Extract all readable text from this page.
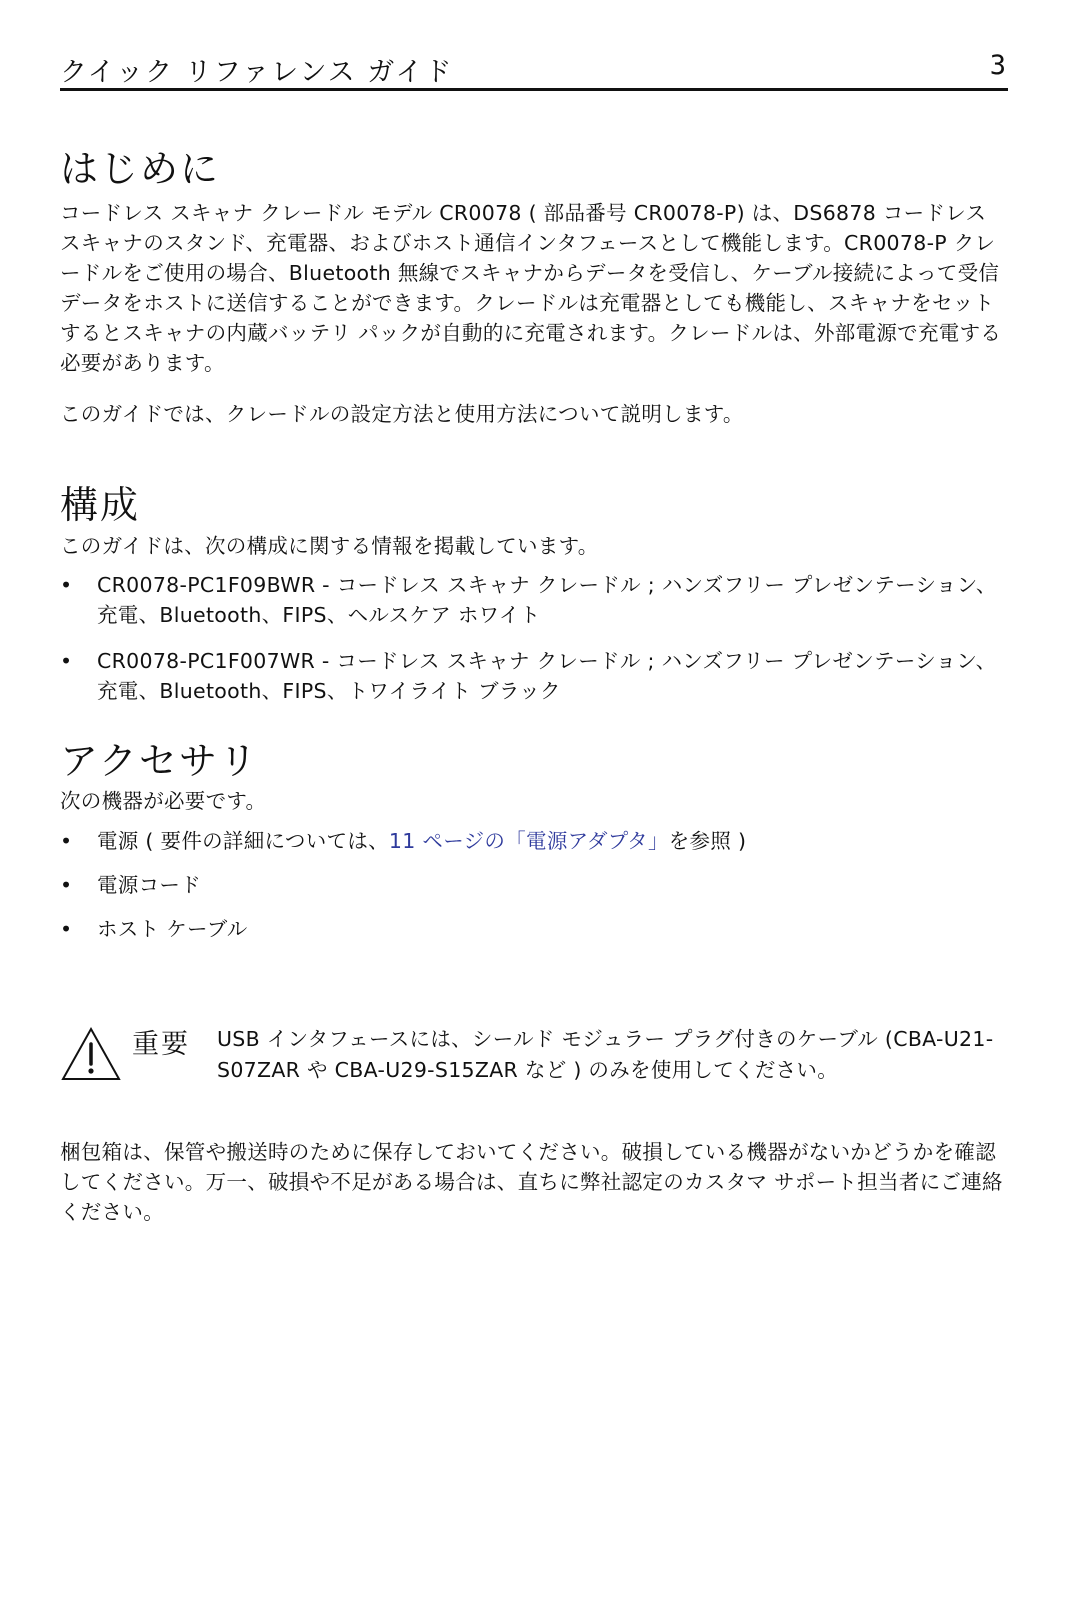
クイック リファレンス ガイド	3
はじめに

コードレス スキャナ クレードル モデル CR0078 ( 部品番号 CR0078-P) は、DS6878 コードレス スキャナのスタンド、充電器、およびホスト通信インタフェースとして機能します。CR0078-P クレードルをご使用の場合、Bluetooth 無線でスキャナからデータを受信し、ケーブル接続によって受信データをホストに送信することができます。クレードルは充電器としても機能し、スキャナをセットするとスキャナの内蔵バッテリ パックが自動的に充電されます。クレードルは、外部電源で充電する必要があります。

このガイドでは、クレードルの設定方法と使用方法について説明します。

構成

このガイドは、次の構成に関する情報を掲載しています。

• CR0078-PC1F09BWR - コードレス スキャナ クレードル ; ハンズフリー プレゼンテーション、充電、Bluetooth、FIPS、ヘルスケア ホワイト
• CR0078-PC1F007WR - コードレス スキャナ クレードル ; ハンズフリー プレゼンテーション、充電、Bluetooth、FIPS、トワイライト ブラック
アクセサリ

次の機器が必要です。

• 電源 ( 要件の詳細については、11 ページの「電源アダプタ」を参照 )
• 電源コード
• ホスト ケーブル
重要 USB インタフェースには、シールド モジュラー プラグ付きのケーブル (CBA-U21-S07ZAR や CBA-U29-S15ZAR など ) のみを使用してください。

梱包箱は、保管や搬送時のために保存しておいてください。破損している機器がないかどうかを確認してください。万一、破損や不足がある場合は、直ちに弊社認定のカスタマ サポート担当者にご連絡ください。
